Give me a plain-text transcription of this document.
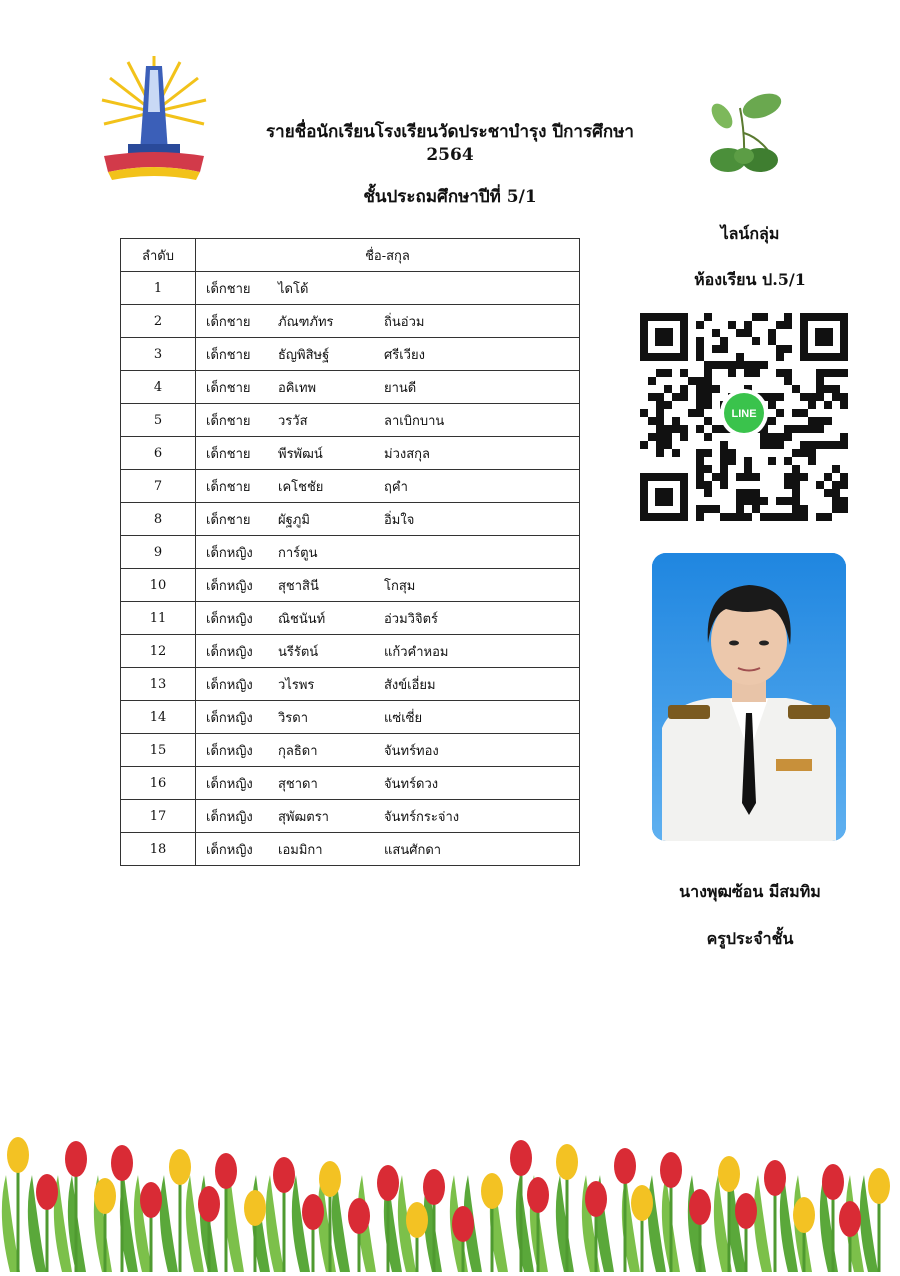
รายชื่อนักเรียนโรงเรียนวัดประชาบำรุง ปีการศึกษา 2564
ชั้นประถมศึกษาปีที่ 5/1
ไลน์กลุ่ม
ห้องเรียน ป.5/1
LINE
นางพุฒซ้อน มีสมทิม
ครูประจำชั้น
ลำดับ	ชื่อ-สกุล
1	เด็กชาย ไดโด้
2	เด็กชาย ภัณฑภัทร ถิ่นอ่วม
3	เด็กชาย ธัญพิสิษฐ์ ศรีเวียง
4	เด็กชาย อคิเทพ ยานดี
5	เด็กชาย วรวัส ลาเบิกบาน
6	เด็กชาย พีรพัฒน์ ม่วงสกุล
7	เด็กชาย เคโชชัย ฤคำ
8	เด็กชาย ผัฐภูมิ อิ่มใจ
9	เด็กหญิง การ์ตูน
10	เด็กหญิง สุชาสินี โกสุม
11	เด็กหญิง ณิชนันท์ อ่วมวิจิตร์
12	เด็กหญิง นรีรัตน์ แก้วคำหอม
13	เด็กหญิง วไรพร สังข์เอี่ยม
14	เด็กหญิง วิรดา แซ่เซี่ย
15	เด็กหญิง กุลธิดา จันทร์ทอง
16	เด็กหญิง สุชาดา จันทร์ดวง
17	เด็กหญิง สุพัฒตรา จันทร์กระจ่าง
18	เด็กหญิง เอมมิกา แสนศักดา
